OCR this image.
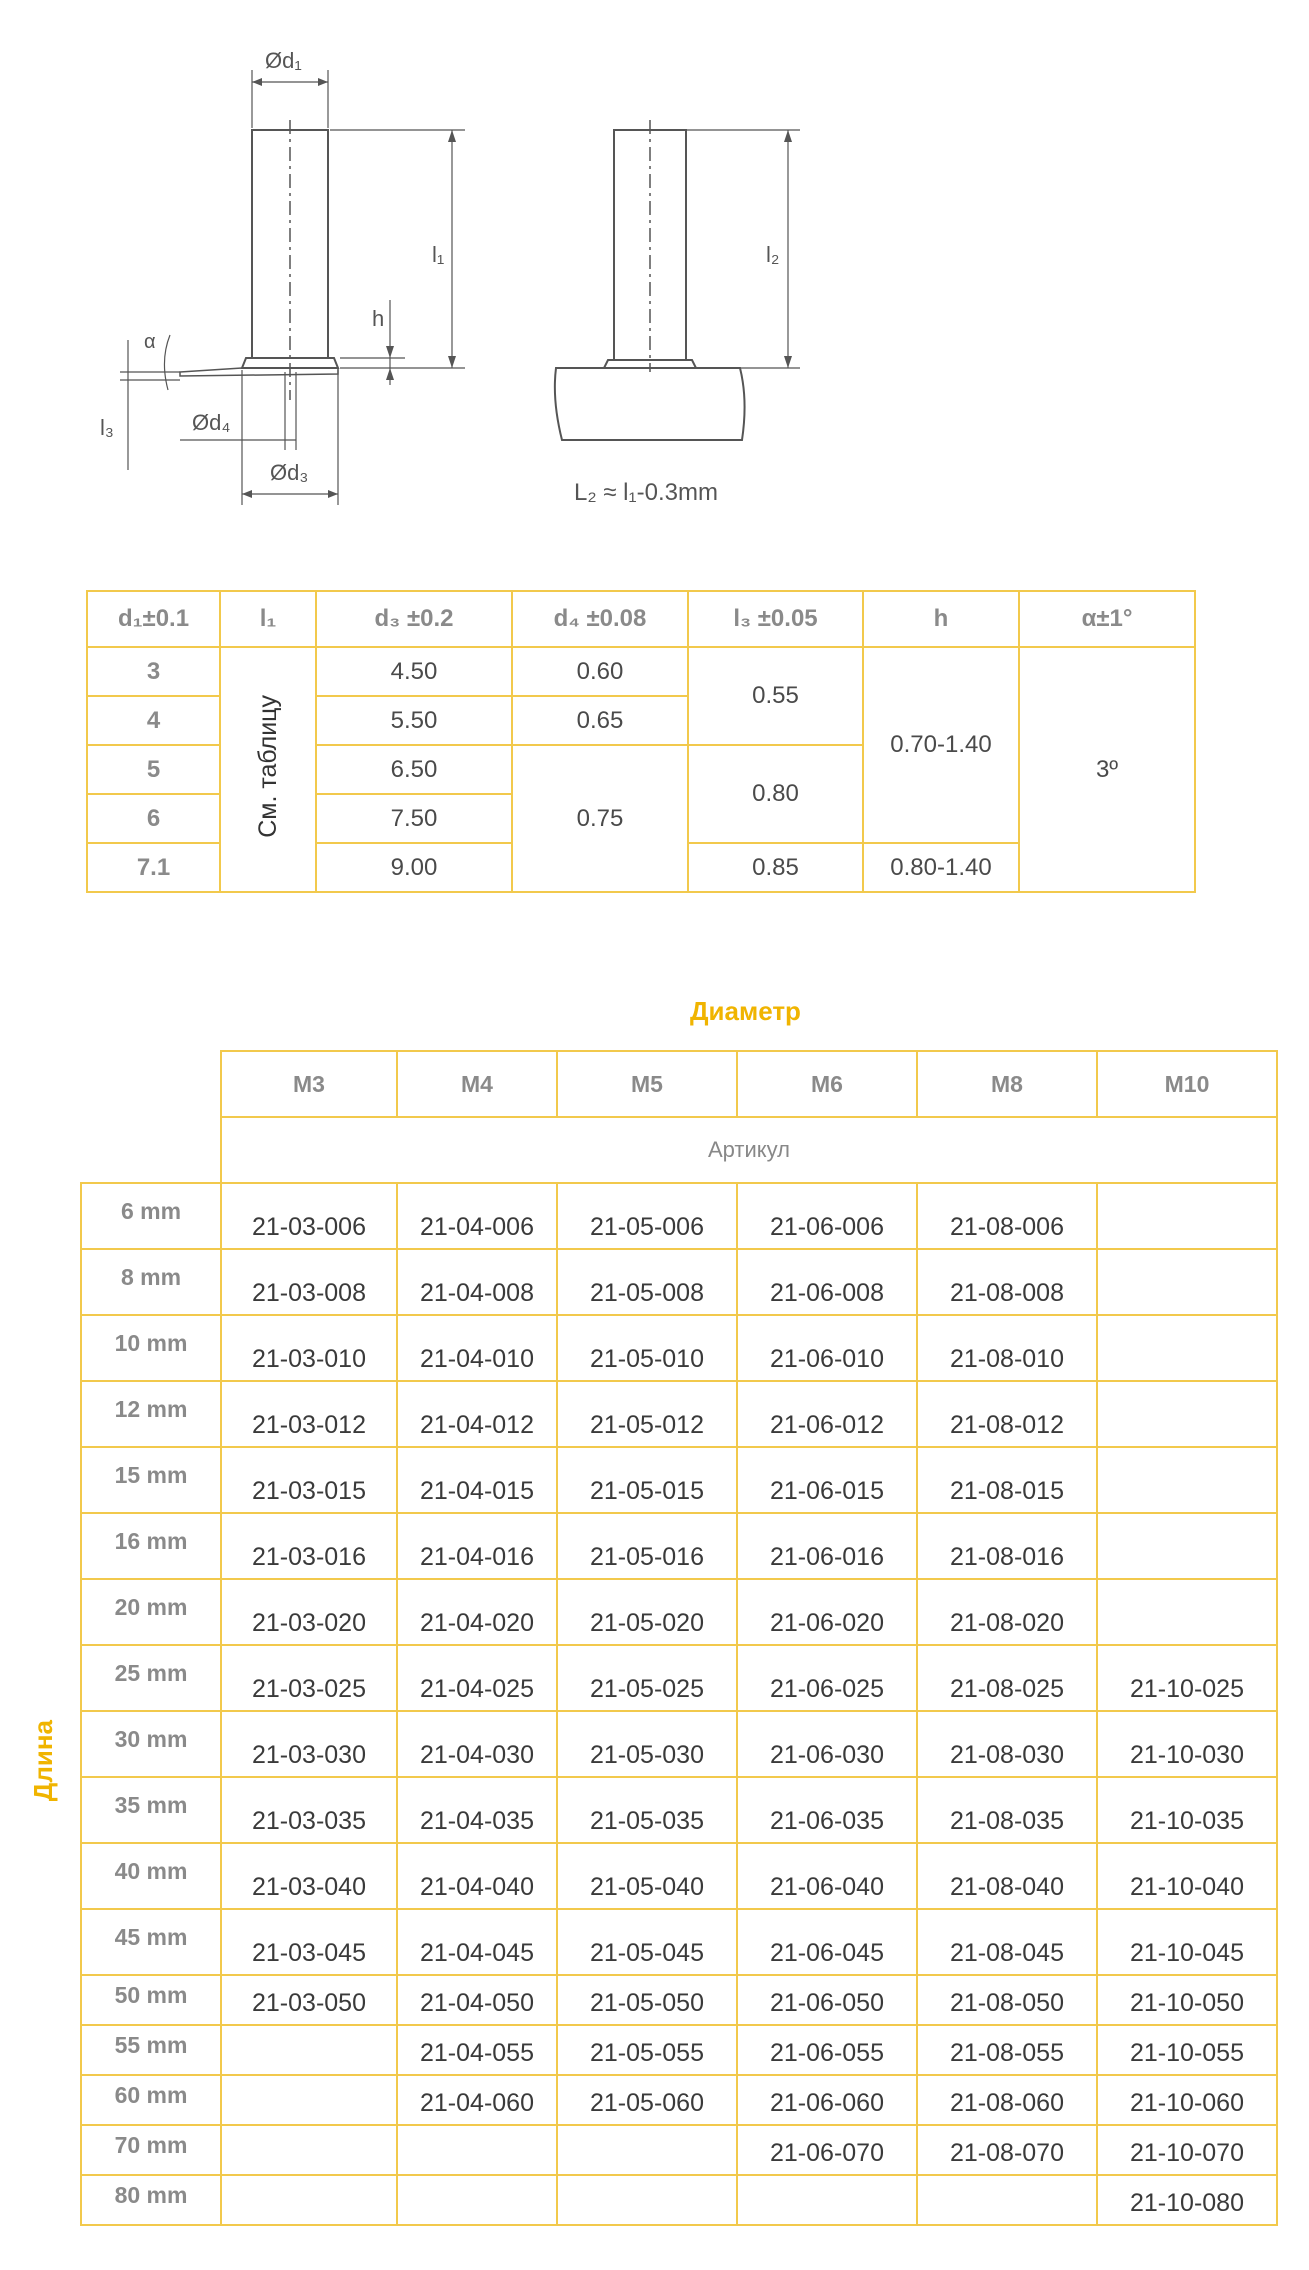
Ød₁
l₁
h
α
l₃	Ød₄
Ød₃
l₂
L₂ ≈ l₁-0.3mm
d₁±0.1	l₁	d₃ ±0.2	d₄ ±0.08	l₃ ±0.05	h	α±1°
3	См. таблицу	4.50	0.60	0.55	0.70-1.40	3º
4		5.50	0.65			
5		6.50	0.75	0.80		
6		7.50				
7.1		9.00		0.85	0.80-1.40	
Диаметр
Длина
	M3	M4	M5	M6	M8	M10
	Артикул					
6 mm	21-03-006	21-04-006	21-05-006	21-06-006	21-08-006	
8 mm	21-03-008	21-04-008	21-05-008	21-06-008	21-08-008	
10 mm	21-03-010	21-04-010	21-05-010	21-06-010	21-08-010	
12 mm	21-03-012	21-04-012	21-05-012	21-06-012	21-08-012	
15 mm	21-03-015	21-04-015	21-05-015	21-06-015	21-08-015	
16 mm	21-03-016	21-04-016	21-05-016	21-06-016	21-08-016	
20 mm	21-03-020	21-04-020	21-05-020	21-06-020	21-08-020	
25 mm	21-03-025	21-04-025	21-05-025	21-06-025	21-08-025	21-10-025
30 mm	21-03-030	21-04-030	21-05-030	21-06-030	21-08-030	21-10-030
35 mm	21-03-035	21-04-035	21-05-035	21-06-035	21-08-035	21-10-035
40 mm	21-03-040	21-04-040	21-05-040	21-06-040	21-08-040	21-10-040
45 mm	21-03-045	21-04-045	21-05-045	21-06-045	21-08-045	21-10-045
50 mm	21-03-050	21-04-050	21-05-050	21-06-050	21-08-050	21-10-050
55 mm		21-04-055	21-05-055	21-06-055	21-08-055	21-10-055
60 mm		21-04-060	21-05-060	21-06-060	21-08-060	21-10-060
70 mm				21-06-070	21-08-070	21-10-070
80 mm						21-10-080
